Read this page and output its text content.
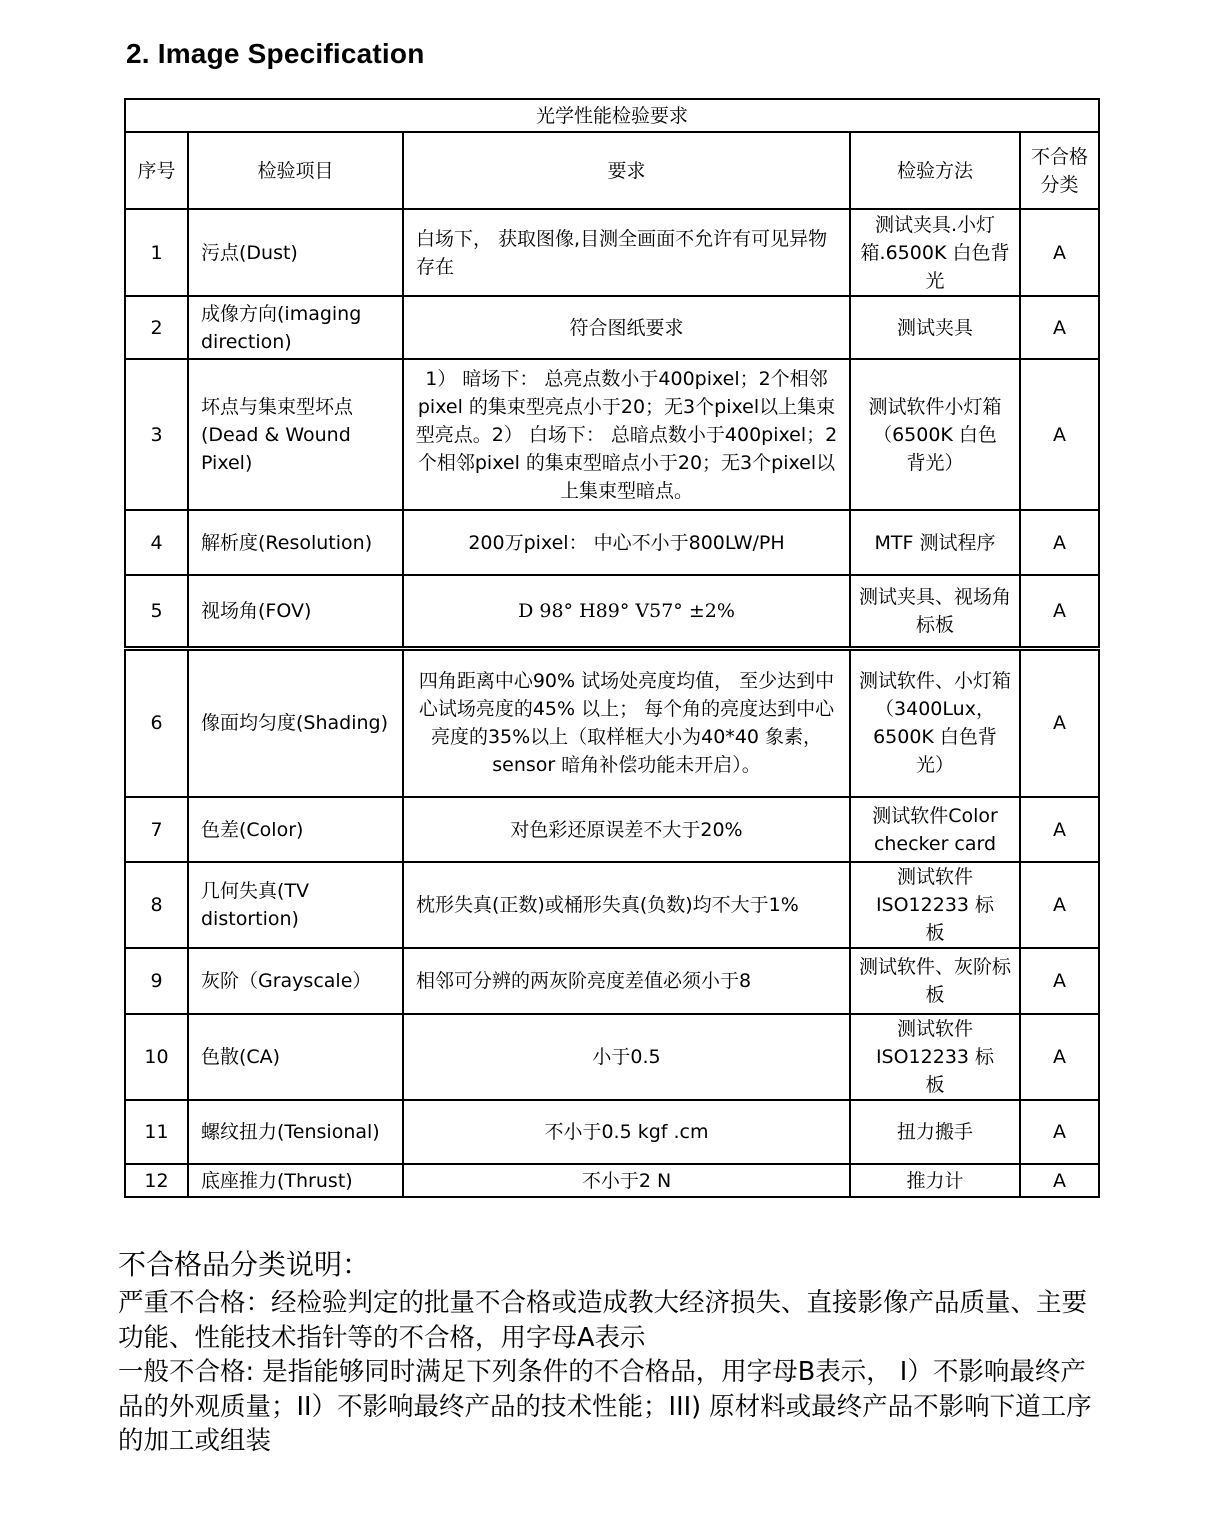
2. Image Specification
光学性能检验要求				
序号	检验项目	要求	检验方法	不合格分类
1	污点(Dust)	白场下， 获取图像,目测全画面不允许有可见异物存在	测试夹具.小灯箱.6500K 白色背光	A
2	成像方向(imaging direction)	符合图纸要求	测试夹具	A
3	坏点与集束型坏点(Dead & Wound Pixel)	1） 暗场下： 总亮点数小于400pixel；2个相邻pixel 的集束型亮点小于20；无3个pixel以上集束型亮点。2） 白场下： 总暗点数小于400pixel；2个相邻pixel 的集束型暗点小于20；无3个pixel以上集束型暗点。	测试软件小灯箱（6500K 白色背光）	A
4	解析度(Resolution)	200万pixel： 中心不小于800LW/PH	MTF 测试程序	A
5	视场角(FOV)	D 98° H89° V57° ±2%	测试夹具、视场角标板	A
6	像面均匀度(Shading)	四角距离中心90% 试场处亮度均值， 至少达到中心试场亮度的45% 以上； 每个角的亮度达到中心亮度的35%以上（取样框大小为40*40 象素， sensor 暗角补偿功能未开启）。	测试软件、小灯箱（3400Lux，6500K 白色背光）	A
7	色差(Color)	对色彩还原误差不大于20%	测试软件Color checker card	A
8	几何失真(TV distortion)	枕形失真(正数)或桶形失真(负数)均不大于1%	测试软件ISO12233 标板	A
9	灰阶（Grayscale）	相邻可分辨的两灰阶亮度差值必须小于8	测试软件、灰阶标板	A
10	色散(CA)	小于0.5	测试软件ISO12233 标板	A
11	螺纹扭力(Tensional)	不小于0.5 kgf .cm	扭力搬手	A
12	底座推力(Thrust)	不小于2 N	推力计	A

不合格品分类说明：

严重不合格：经检验判定的批量不合格或造成教大经济损失、直接影像产品质量、主要功能、性能技术指针等的不合格，用字母A表示

一般不合格: 是指能够同时满足下列条件的不合格品，用字母B表示， I）不影响最终产品的外观质量；II）不影响最终产品的技术性能；III) 原材料或最终产品不影响下道工序的加工或组装
